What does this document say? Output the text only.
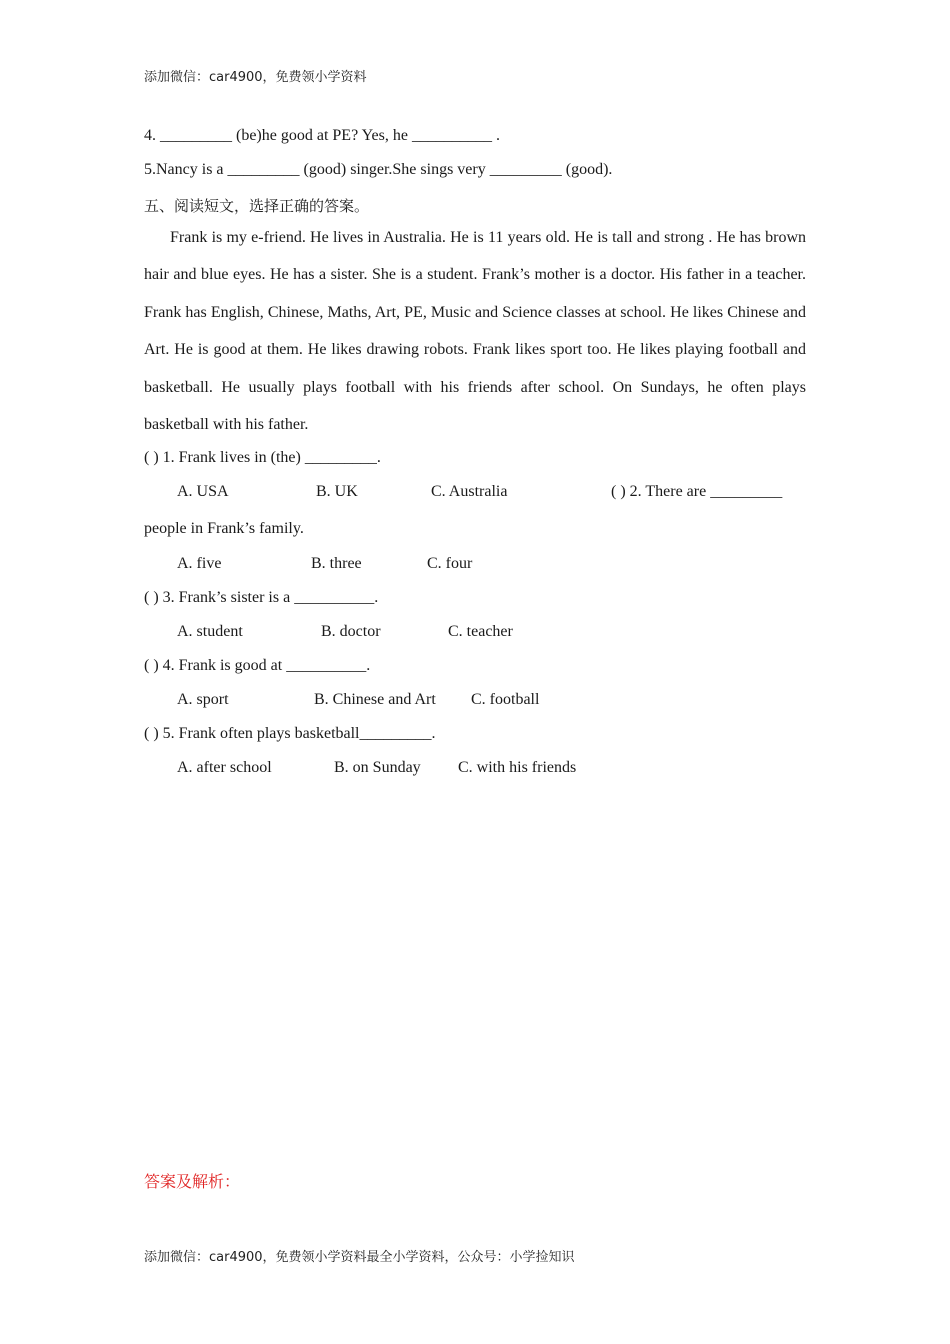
添加微信：car4900，免费领小学资料
4. _________ (be)he good at PE? Yes, he __________ .
5.Nancy is a _________ (good) singer.She sings very _________ (good).
五、阅读短文，选择正确的答案。
Frank is my e-friend. He lives in Australia. He is 11 years old. He is tall and strong . He has brown hair and blue eyes. He has a sister. She is a student. Frank’s mother is a doctor. His father in a teacher. Frank has English, Chinese, Maths, Art, PE, Music and Science classes at school. He likes Chinese and Art. He is good at them. He likes drawing robots. Frank likes sport too. He likes playing football and basketball. He usually plays football with his friends after school. On Sundays, he often plays basketball with his father.
( ) 1. Frank lives in (the) _________.
A. USA	B. UK	C. Australia	( ) 2. There are _________
people in Frank’s family.
A. five	B. three	C. four
( ) 3. Frank’s sister is a __________.
A. student	B. doctor	C. teacher
( ) 4. Frank is good at __________.
A. sport	B. Chinese and Art C. football
( ) 5. Frank often plays basketball_________.
A. after school	B. on Sunday C. with his friends
答案及解析：
添加微信：car4900，免费领小学资料最全小学资料，公众号：小学捡知识
